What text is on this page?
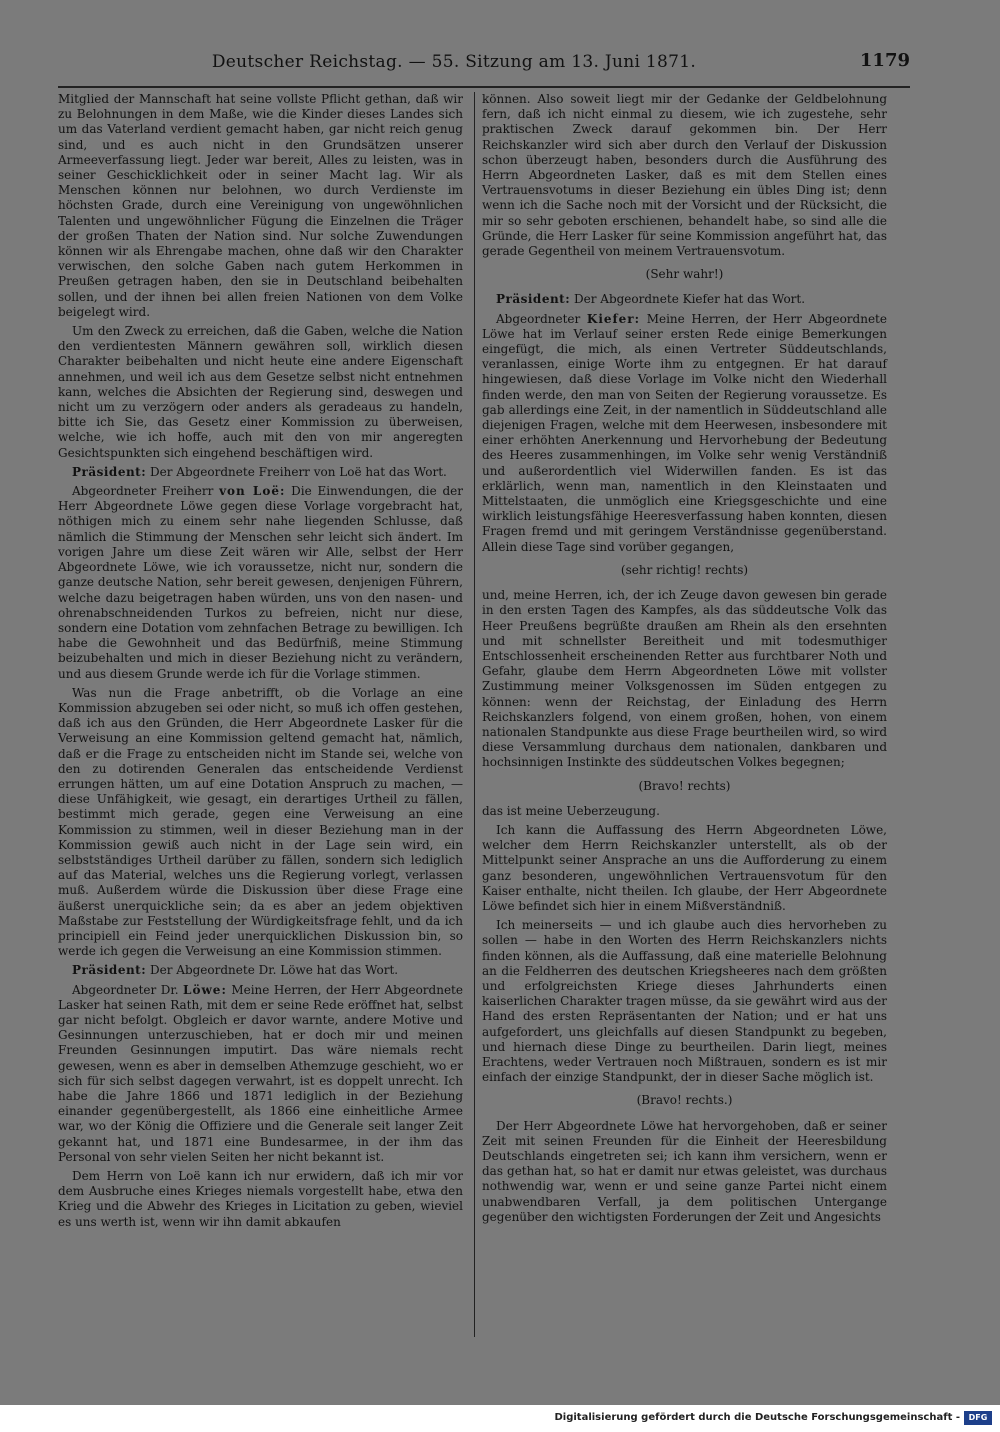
Deutscher Reichstag. — 55. Sitzung am 13. Juni 1871.	1179

Mitglied der Mannschaft hat seine vollste Pflicht gethan, daß wir zu Belohnungen in dem Maße, wie die Kinder dieses Landes sich um das Vaterland verdient gemacht haben, gar nicht reich genug sind, und es auch nicht in den Grundsätzen unserer Armeeverfassung liegt. Jeder war bereit, Alles zu leisten, was in seiner Geschicklichkeit oder in seiner Macht lag. Wir als Menschen können nur belohnen, wo durch Verdienste im höchsten Grade, durch eine Vereinigung von ungewöhnlichen Talenten und ungewöhnlicher Fügung die Einzelnen die Träger der großen Thaten der Nation sind. Nur solche Zuwendungen können wir als Ehrengabe machen, ohne daß wir den Charakter verwischen, den solche Gaben nach gutem Herkommen in Preußen getragen haben, den sie in Deutschland beibehalten sollen, und der ihnen bei allen freien Nationen von dem Volke beigelegt wird.

Um den Zweck zu erreichen, daß die Gaben, welche die Nation den verdientesten Männern gewähren soll, wirklich diesen Charakter beibehalten und nicht heute eine andere Eigenschaft annehmen, und weil ich aus dem Gesetze selbst nicht entnehmen kann, welches die Absichten der Regierung sind, deswegen und nicht um zu verzögern oder anders als geradeaus zu handeln, bitte ich Sie, das Gesetz einer Kommission zu überweisen, welche, wie ich hoffe, auch mit den von mir angeregten Gesichtspunkten sich eingehend beschäftigen wird.

Präsident: Der Abgeordnete Freiherr von Loë hat das Wort.

Abgeordneter Freiherr von Loë: Die Einwendungen, die der Herr Abgeordnete Löwe gegen diese Vorlage vorgebracht hat, nöthigen mich zu einem sehr nahe liegenden Schlusse, daß nämlich die Stimmung der Menschen sehr leicht sich ändert. Im vorigen Jahre um diese Zeit wären wir Alle, selbst der Herr Abgeordnete Löwe, wie ich voraussetze, nicht nur, sondern die ganze deutsche Nation, sehr bereit gewesen, denjenigen Führern, welche dazu beigetragen haben würden, uns von den nasen- und ohrenabschneidenden Turkos zu befreien, nicht nur diese, sondern eine Dotation vom zehnfachen Betrage zu bewilligen. Ich habe die Gewohnheit und das Bedürfniß, meine Stimmung beizubehalten und mich in dieser Beziehung nicht zu verändern, und aus diesem Grunde werde ich für die Vorlage stimmen.

Was nun die Frage anbetrifft, ob die Vorlage an eine Kommission abzugeben sei oder nicht, so muß ich offen gestehen, daß ich aus den Gründen, die Herr Abgeordnete Lasker für die Verweisung an eine Kommission geltend gemacht hat, nämlich, daß er die Frage zu entscheiden nicht im Stande sei, welche von den zu dotirenden Generalen das entscheidende Verdienst errungen hätten, um auf eine Dotation Anspruch zu machen, — diese Unfähigkeit, wie gesagt, ein derartiges Urtheil zu fällen, bestimmt mich gerade, gegen eine Verweisung an eine Kommission zu stimmen, weil in dieser Beziehung man in der Kommission gewiß auch nicht in der Lage sein wird, ein selbstständiges Urtheil darüber zu fällen, sondern sich lediglich auf das Material, welches uns die Regierung vorlegt, verlassen muß. Außerdem würde die Diskussion über diese Frage eine äußerst unerquickliche sein; da es aber an jedem objektiven Maßstabe zur Feststellung der Würdigkeitsfrage fehlt, und da ich principiell ein Feind jeder unerquicklichen Diskussion bin, so werde ich gegen die Verweisung an eine Kommission stimmen.

Präsident: Der Abgeordnete Dr. Löwe hat das Wort.

Abgeordneter Dr. Löwe: Meine Herren, der Herr Abgeordnete Lasker hat seinen Rath, mit dem er seine Rede eröffnet hat, selbst gar nicht befolgt. Obgleich er davor warnte, andere Motive und Gesinnungen unterzuschieben, hat er doch mir und meinen Freunden Gesinnungen imputirt. Das wäre niemals recht gewesen, wenn es aber in demselben Athemzuge geschieht, wo er sich für sich selbst dagegen verwahrt, ist es doppelt unrecht. Ich habe die Jahre 1866 und 1871 lediglich in der Beziehung einander gegenübergestellt, als 1866 eine einheitliche Armee war, wo der König die Offiziere und die Generale seit langer Zeit gekannt hat, und 1871 eine Bundesarmee, in der ihm das Personal von sehr vielen Seiten her nicht bekannt ist.

Dem Herrn von Loë kann ich nur erwidern, daß ich mir vor dem Ausbruche eines Krieges niemals vorgestellt habe, etwa den Krieg und die Abwehr des Krieges in Licitation zu geben, wieviel es uns werth ist, wenn wir ihn damit abkaufen

können. Also soweit liegt mir der Gedanke der Geldbelohnung fern, daß ich nicht einmal zu diesem, wie ich zugestehe, sehr praktischen Zweck darauf gekommen bin. Der Herr Reichskanzler wird sich aber durch den Verlauf der Diskussion schon überzeugt haben, besonders durch die Ausführung des Herrn Abgeordneten Lasker, daß es mit dem Stellen eines Vertrauensvotums in dieser Beziehung ein übles Ding ist; denn wenn ich die Sache noch mit der Vorsicht und der Rücksicht, die mir so sehr geboten erschienen, behandelt habe, so sind alle die Gründe, die Herr Lasker für seine Kommission angeführt hat, das gerade Gegentheil von meinem Vertrauensvotum.

(Sehr wahr!)

Präsident: Der Abgeordnete Kiefer hat das Wort.

Abgeordneter Kiefer: Meine Herren, der Herr Abgeordnete Löwe hat im Verlauf seiner ersten Rede einige Bemerkungen eingefügt, die mich, als einen Vertreter Süddeutschlands, veranlassen, einige Worte ihm zu entgegnen. Er hat darauf hingewiesen, daß diese Vorlage im Volke nicht den Wiederhall finden werde, den man von Seiten der Regierung voraussetze. Es gab allerdings eine Zeit, in der namentlich in Süddeutschland alle diejenigen Fragen, welche mit dem Heerwesen, insbesondere mit einer erhöhten Anerkennung und Hervorhebung der Bedeutung des Heeres zusammenhingen, im Volke sehr wenig Verständniß und außerordentlich viel Widerwillen fanden. Es ist das erklärlich, wenn man, namentlich in den Kleinstaaten und Mittelstaaten, die unmöglich eine Kriegsgeschichte und eine wirklich leistungsfähige Heeresverfassung haben konnten, diesen Fragen fremd und mit geringem Verständnisse gegenüberstand. Allein diese Tage sind vorüber gegangen,

(sehr richtig! rechts)

und, meine Herren, ich, der ich Zeuge davon gewesen bin gerade in den ersten Tagen des Kampfes, als das süddeutsche Volk das Heer Preußens begrüßte draußen am Rhein als den ersehnten und mit schnellster Bereitheit und mit todesmuthiger Entschlossenheit erscheinenden Retter aus furchtbarer Noth und Gefahr, glaube dem Herrn Abgeordneten Löwe mit vollster Zustimmung meiner Volksgenossen im Süden entgegen zu können: wenn der Reichstag, der Einladung des Herrn Reichskanzlers folgend, von einem großen, hohen, von einem nationalen Standpunkte aus diese Frage beurtheilen wird, so wird diese Versammlung durchaus dem nationalen, dankbaren und hochsinnigen Instinkte des süddeutschen Volkes begegnen;

(Bravo! rechts)

das ist meine Ueberzeugung.

Ich kann die Auffassung des Herrn Abgeordneten Löwe, welcher dem Herrn Reichskanzler unterstellt, als ob der Mittelpunkt seiner Ansprache an uns die Aufforderung zu einem ganz besonderen, ungewöhnlichen Vertrauensvotum für den Kaiser enthalte, nicht theilen. Ich glaube, der Herr Abgeordnete Löwe befindet sich hier in einem Mißverständniß.

Ich meinerseits — und ich glaube auch dies hervorheben zu sollen — habe in den Worten des Herrn Reichskanzlers nichts finden können, als die Auffassung, daß eine materielle Belohnung an die Feldherren des deutschen Kriegsheeres nach dem größten und erfolgreichsten Kriege dieses Jahrhunderts einen kaiserlichen Charakter tragen müsse, da sie gewährt wird aus der Hand des ersten Repräsentanten der Nation; und er hat uns aufgefordert, uns gleichfalls auf diesen Standpunkt zu begeben, und hiernach diese Dinge zu beurtheilen. Darin liegt, meines Erachtens, weder Vertrauen noch Mißtrauen, sondern es ist mir einfach der einzige Standpunkt, der in dieser Sache möglich ist.

(Bravo! rechts.)

Der Herr Abgeordnete Löwe hat hervorgehoben, daß er seiner Zeit mit seinen Freunden für die Einheit der Heeresbildung Deutschlands eingetreten sei; ich kann ihm versichern, wenn er das gethan hat, so hat er damit nur etwas geleistet, was durchaus nothwendig war, wenn er und seine ganze Partei nicht einem unabwendbaren Verfall, ja dem politischen Untergange gegenüber den wichtigsten Forderungen der Zeit und Angesichts

Digitalisierung gefördert durch die Deutsche Forschungsgemeinschaft -	DFG
